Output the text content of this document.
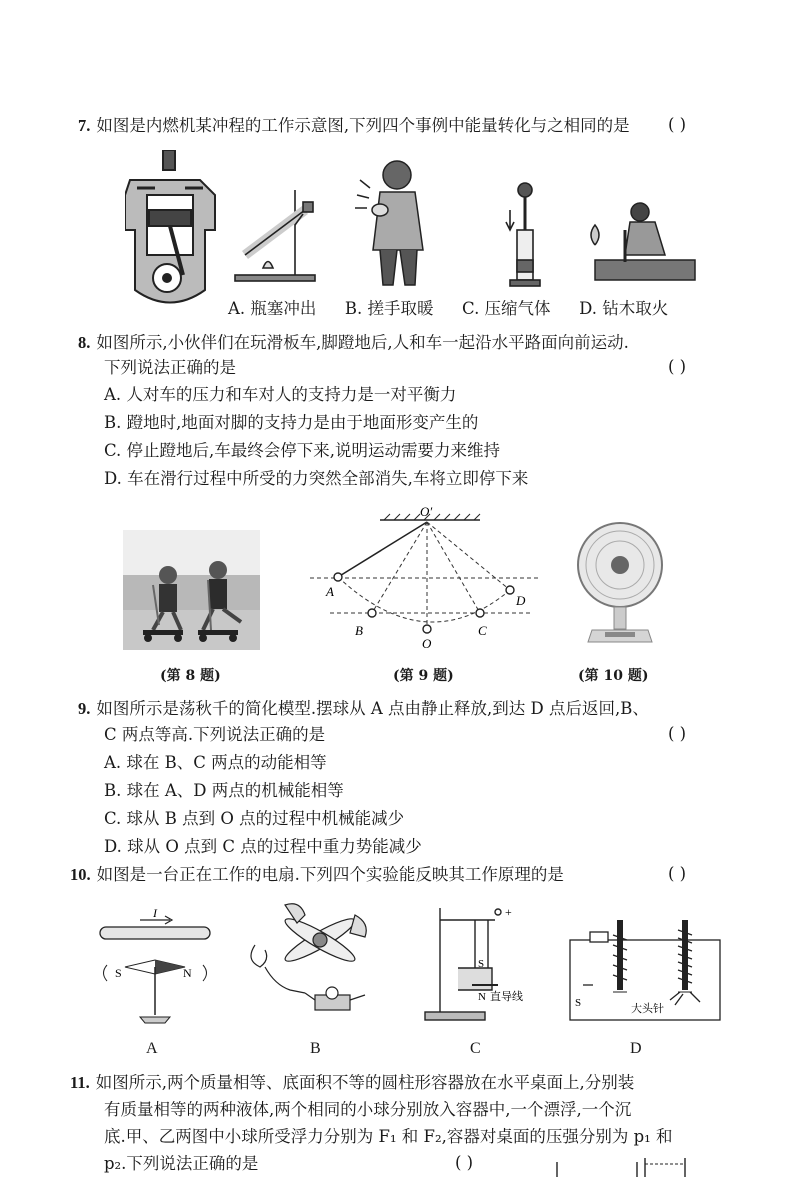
7. 如图是内燃机某冲程的工作示意图,下列四个事例中能量转化与之相同的是 ( )
A. 瓶塞冲出 B. 搓手取暖 C. 压缩气体 D. 钻木取火
8. 如图所示,小伙伴们在玩滑板车,脚蹬地后,人和车一起沿水平路面向前运动.
下列说法正确的是	( )
A. 人对车的压力和车对人的支持力是一对平衡力
B. 蹬地时,地面对脚的支持力是由于地面形变产生的
C. 停止蹬地后,车最终会停下来,说明运动需要力来维持
D. 车在滑行过程中所受的力突然全部消失,车将立即停下来
O′
A
B
O
C
D
(第 8 题)	(第 9 题)	(第 10 题)
9. 如图所示是荡秋千的简化模型.摆球从 A 点由静止释放,到达 D 点后返回,B、
C 两点等高.下列说法正确的是	( )
A. 球在 B、C 两点的动能相等
B. 球在 A、D 两点的机械能相等
C. 球从 B 点到 O 点的过程中机械能减少
D. 球从 O 点到 C 点的过程中重力势能减少
10. 如图是一台正在工作的电扇.下列四个实验能反映其工作原理的是	( )
I
S	N
+
S
N 直导线	S	大头针
A	B	C	D
11. 如图所示,两个质量相等、底面积不等的圆柱形容器放在水平桌面上,分别装
有质量相等的两种液体,两个相同的小球分别放入容器中,一个漂浮,一个沉
底.甲、乙两图中小球所受浮力分别为 F₁ 和 F₂,容器对桌面的压强分别为 p₁ 和
p₂.下列说法正确的是	( )
